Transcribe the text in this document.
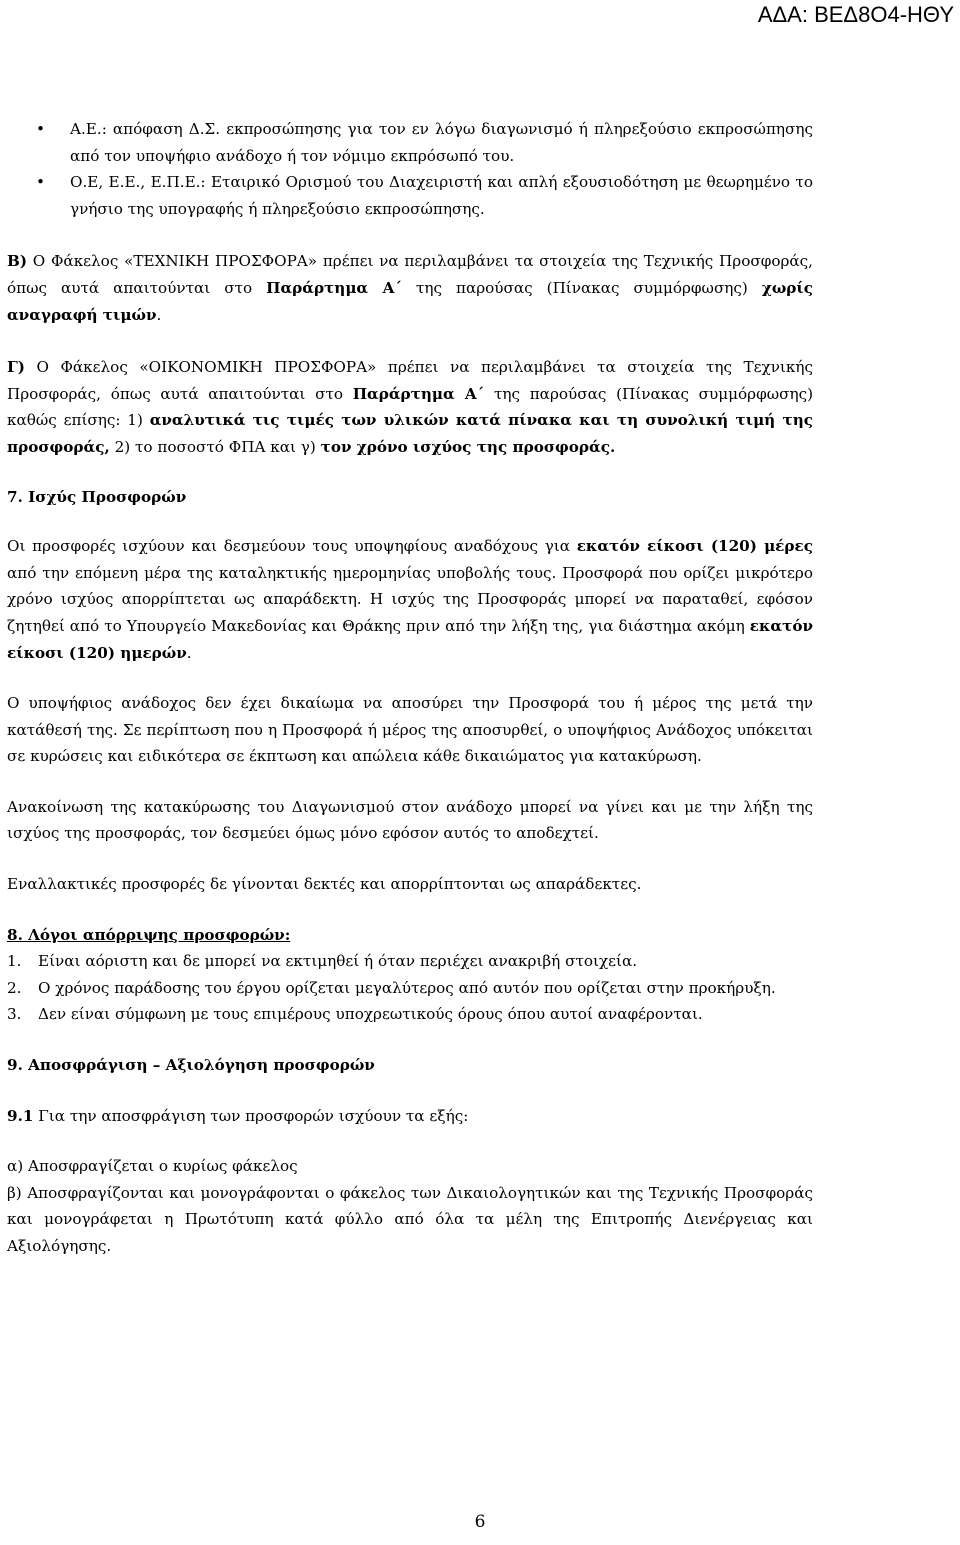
ΑΔΑ: ΒΕΔ8Ο4-ΗΘΥ

• Α.Ε.: απόφαση Δ.Σ. εκπροσώπησης για τον εν λόγω διαγωνισμό ή πληρεξούσιο εκπροσώπησης από τον υποψήφιο ανάδοχο ή τον νόμιμο εκπρόσωπό του.

• Ο.Ε, Ε.Ε., Ε.Π.Ε.: Εταιρικό Ορισμού του Διαχειριστή και απλή εξουσιοδότηση με θεωρημένο το γνήσιο της υπογραφής ή πληρεξούσιο εκπροσώπησης.

Β) Ο Φάκελος «ΤΕΧΝΙΚΗ ΠΡΟΣΦΟΡΑ» πρέπει να περιλαμβάνει τα στοιχεία της Τεχνικής Προσφοράς, όπως αυτά απαιτούνται στο Παράρτημα Α΄ της παρούσας (Πίνακας συμμόρφωσης) χωρίς αναγραφή τιμών.

Γ) Ο Φάκελος «ΟΙΚΟΝΟΜΙΚΗ ΠΡΟΣΦΟΡΑ» πρέπει να περιλαμβάνει τα στοιχεία της Τεχνικής Προσφοράς, όπως αυτά απαιτούνται στο Παράρτημα Α΄ της παρούσας (Πίνακας συμμόρφωσης) καθώς επίσης: 1) αναλυτικά τις τιμές των υλικών κατά πίνακα και τη συνολική τιμή της προσφοράς, 2) το ποσοστό ΦΠΑ και γ) τον χρόνο ισχύος της προσφοράς.

7. Ισχύς Προσφορών

Οι προσφορές ισχύουν και δεσμεύουν τους υποψηφίους αναδόχους για εκατόν είκοσι (120) μέρες από την επόμενη μέρα της καταληκτικής ημερομηνίας υποβολής τους. Προσφορά που ορίζει μικρότερο χρόνο ισχύος απορρίπτεται ως απαράδεκτη. Η ισχύς της Προσφοράς μπορεί να παραταθεί, εφόσον ζητηθεί από το Υπουργείο Μακεδονίας και Θράκης πριν από την λήξη της, για διάστημα ακόμη εκατόν είκοσι (120) ημερών.

Ο υποψήφιος ανάδοχος δεν έχει δικαίωμα να αποσύρει την Προσφορά του ή μέρος της μετά την κατάθεσή της. Σε περίπτωση που η Προσφορά ή μέρος της αποσυρθεί, ο υποψήφιος Ανάδοχος υπόκειται σε κυρώσεις και ειδικότερα σε έκπτωση και απώλεια κάθε δικαιώματος για κατακύρωση.

Ανακοίνωση της κατακύρωσης του Διαγωνισμού στον ανάδοχο μπορεί να γίνει και με την λήξη της ισχύος της προσφοράς, τον δεσμεύει όμως μόνο εφόσον αυτός το αποδεχτεί.

Εναλλακτικές προσφορές δε γίνονται δεκτές και απορρίπτονται ως απαράδεκτες.

8. Λόγοι απόρριψης προσφορών:

1. Είναι αόριστη και δε μπορεί να εκτιμηθεί ή όταν περιέχει ανακριβή στοιχεία.

2. Ο χρόνος παράδοσης του έργου ορίζεται μεγαλύτερος από αυτόν που ορίζεται στην προκήρυξη.

3. Δεν είναι σύμφωνη με τους επιμέρους υποχρεωτικούς όρους όπου αυτοί αναφέρονται.

9. Αποσφράγιση – Αξιολόγηση προσφορών

9.1 Για την αποσφράγιση των προσφορών ισχύουν τα εξής:

α) Αποσφραγίζεται ο κυρίως φάκελος

β) Αποσφραγίζονται και μονογράφονται ο φάκελος των Δικαιολογητικών και της Τεχνικής Προσφοράς και μονογράφεται η Πρωτότυπη κατά φύλλο από όλα τα μέλη της Επιτροπής Διενέργειας και Αξιολόγησης.

6
